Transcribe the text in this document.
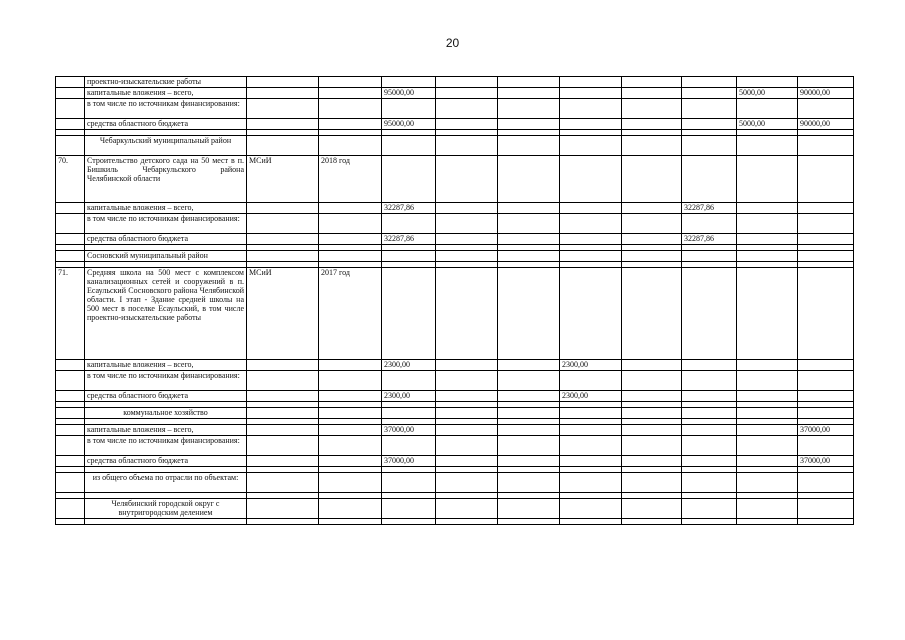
20
	проектно-изыскательские работы										
	капитальные вложения – всего,			95000,00						5000,00	90000,00
	в том числе по источникам финансирования:										
	средства областного бюджета			95000,00						5000,00	90000,00

	Чебаркульский муниципальный район										
70.	Строительство детского сада на 50 мест в п. Бишкиль Чебаркульского района Челябинской области	МСиИ	2018 год								
	капитальные вложения – всего,			32287,86					32287,86		
	в том числе по источникам финансирования:										
	средства областного бюджета			32287,86					32287,86		

	Сосновский муниципальный район										

71.	Средняя школа на 500 мест с комплексом канализационных сетей и сооружений в п. Есаульский Сосновского района Челябинской области. I этап - Здание средней школы на 500 мест в поселке Есаульский, в том числе проектно-изыскательские работы	МСиИ	2017 год								
	капитальные вложения – всего,			2300,00			2300,00				
	в том числе по источникам финансирования:										
	средства областного бюджета			2300,00			2300,00				

	коммунальное хозяйство										

	капитальные вложения – всего,			37000,00							37000,00
	в том числе по источникам финансирования:										
	средства областного бюджета			37000,00							37000,00

	из общего объема по отрасли по объектам:										

	Челябинский городской округ с внутригородским делением										
